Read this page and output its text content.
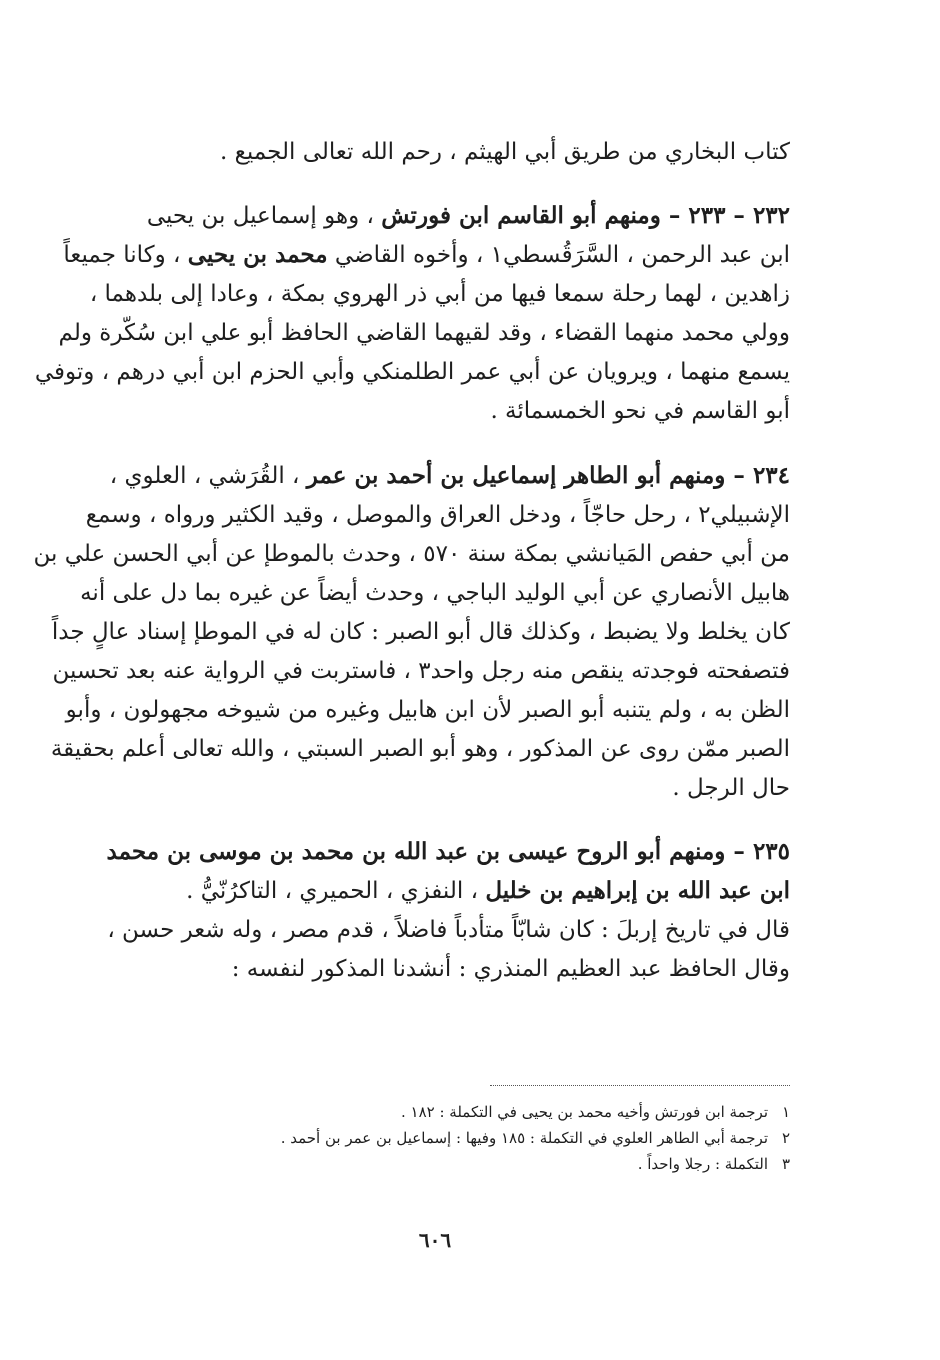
كتاب البخاري من طريق أبي الهيثم ، رحم الله تعالى الجميع .
٢٣٢ – ٢٣٣ – ومنهم أبو القاسم ابن فورتش ، وهو إسماعيل بن يحيى
ابن عبد الرحمن ، السَّرَقُسطي١ ، وأخوه القاضي محمد بن يحيى ، وكانا جميعاً
زاهدين ، لهما رحلة سمعا فيها من أبي ذر الهروي بمكة ، وعادا إلى بلدهما ،
وولي محمد منهما القضاء ، وقد لقيهما القاضي الحافظ أبو علي ابن سُكّرة ولم
يسمع منهما ، ويرويان عن أبي عمر الطلمنكي وأبي الحزم ابن أبي درهم ، وتوفي
أبو القاسم في نحو الخمسمائة .
٢٣٤ – ومنهم أبو الطاهر إسماعيل بن أحمد بن عمر ، القُرَشي ، العلوي ،
الإشبيلي٢ ، رحل حاجّاً ، ودخل العراق والموصل ، وقيد الكثير ورواه ، وسمع
من أبي حفص المَيانشي بمكة سنة ٥٧٠ ، وحدث بالموطإ عن أبي الحسن علي بن
هابيل الأنصاري عن أبي الوليد الباجي ، وحدث أيضاً عن غيره بما دل على أنه
كان يخلط ولا يضبط ، وكذلك قال أبو الصبر : كان له في الموطإ إسناد عالٍ جداً
فتصفحته فوجدته ينقص منه رجل واحد٣ ، فاستربت في الرواية عنه بعد تحسين
الظن به ، ولم يتنبه أبو الصبر لأن ابن هابيل وغيره من شيوخه مجهولون ، وأبو
الصبر ممّن روى عن المذكور ، وهو أبو الصبر السبتي ، والله تعالى أعلم بحقيقة
حال الرجل .
٢٣٥ – ومنهم أبو الروح عيسى بن عبد الله بن محمد بن موسى بن محمد
ابن عبد الله بن إبراهيم بن خليل ، النفزي ، الحميري ، التاكرُنّيُّ .
قال في تاريخ إربلَ : كان شابّاً متأدباً فاضلاً ، قدم مصر ، وله شعر حسن ،
وقال الحافظ عبد العظيم المنذري : أنشدنا المذكور لنفسه :
١ترجمة ابن فورتش وأخيه محمد بن يحيى في التكملة : ١٨٢ .
٢ترجمة أبي الطاهر العلوي في التكملة : ١٨٥ وفيها : إسماعيل بن عمر بن أحمد .
٣التكملة : رجلا واحداً .
٦٠٦
